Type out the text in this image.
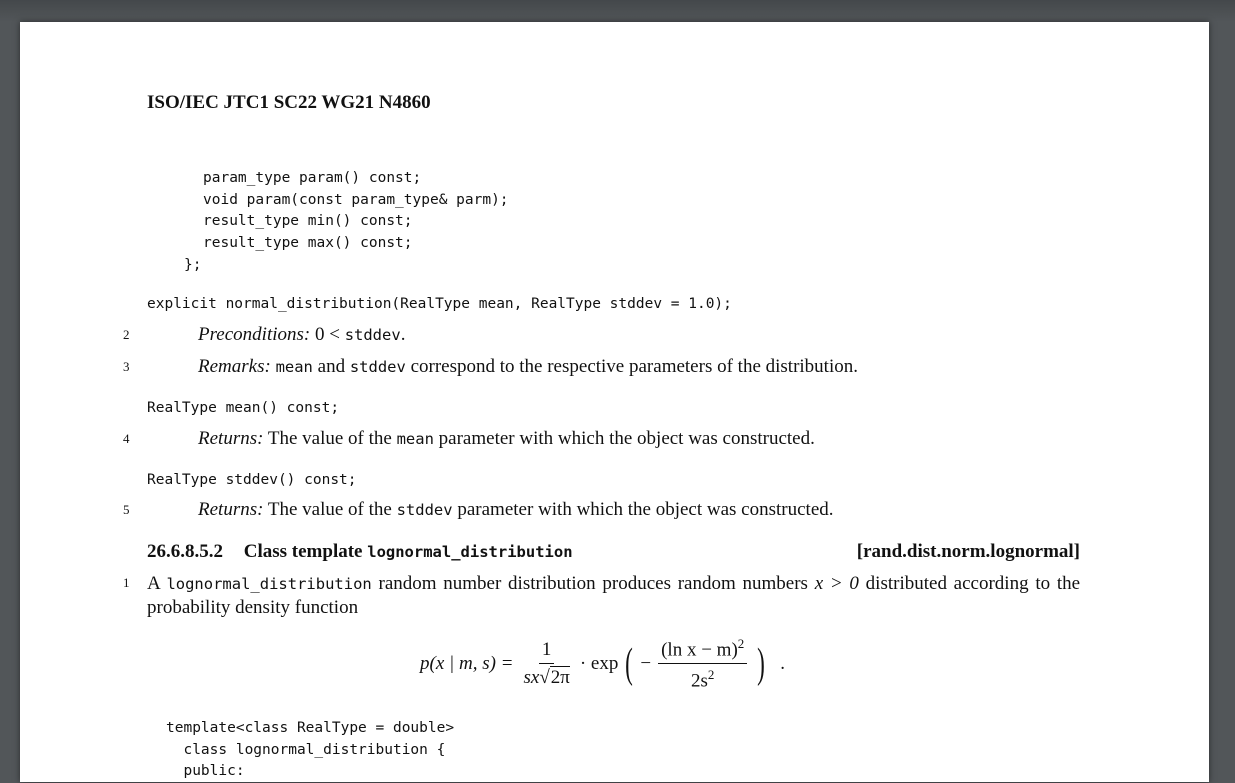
ISO/IEC JTC1 SC22 WG21 N4860
param_type param() const;
void param(const param_type& parm);
result_type min() const;
result_type max() const;
};
explicit normal_distribution(RealType mean, RealType stddev = 1.0);
2	Preconditions: 0 < stddev.
3	Remarks: mean and stddev correspond to the respective parameters of the distribution.
RealType mean() const;
4	Returns: The value of the mean parameter with which the object was constructed.
RealType stddev() const;
5	Returns: The value of the stddev parameter with which the object was constructed.
26.6.8.5.2 Class template lognormal_distribution	[rand.dist.norm.lognormal]
1 A lognormal_distribution random number distribution produces random numbers x > 0 distributed according to the probability density function
p(x | m, $s) = \frac{1}{sx√2\pi} \cdot \exp$ ( − $\frac{(\ln x - m)^2}{2s^2}$ ) .
template<class RealType = double>
class lognormal_distribution {
public:
